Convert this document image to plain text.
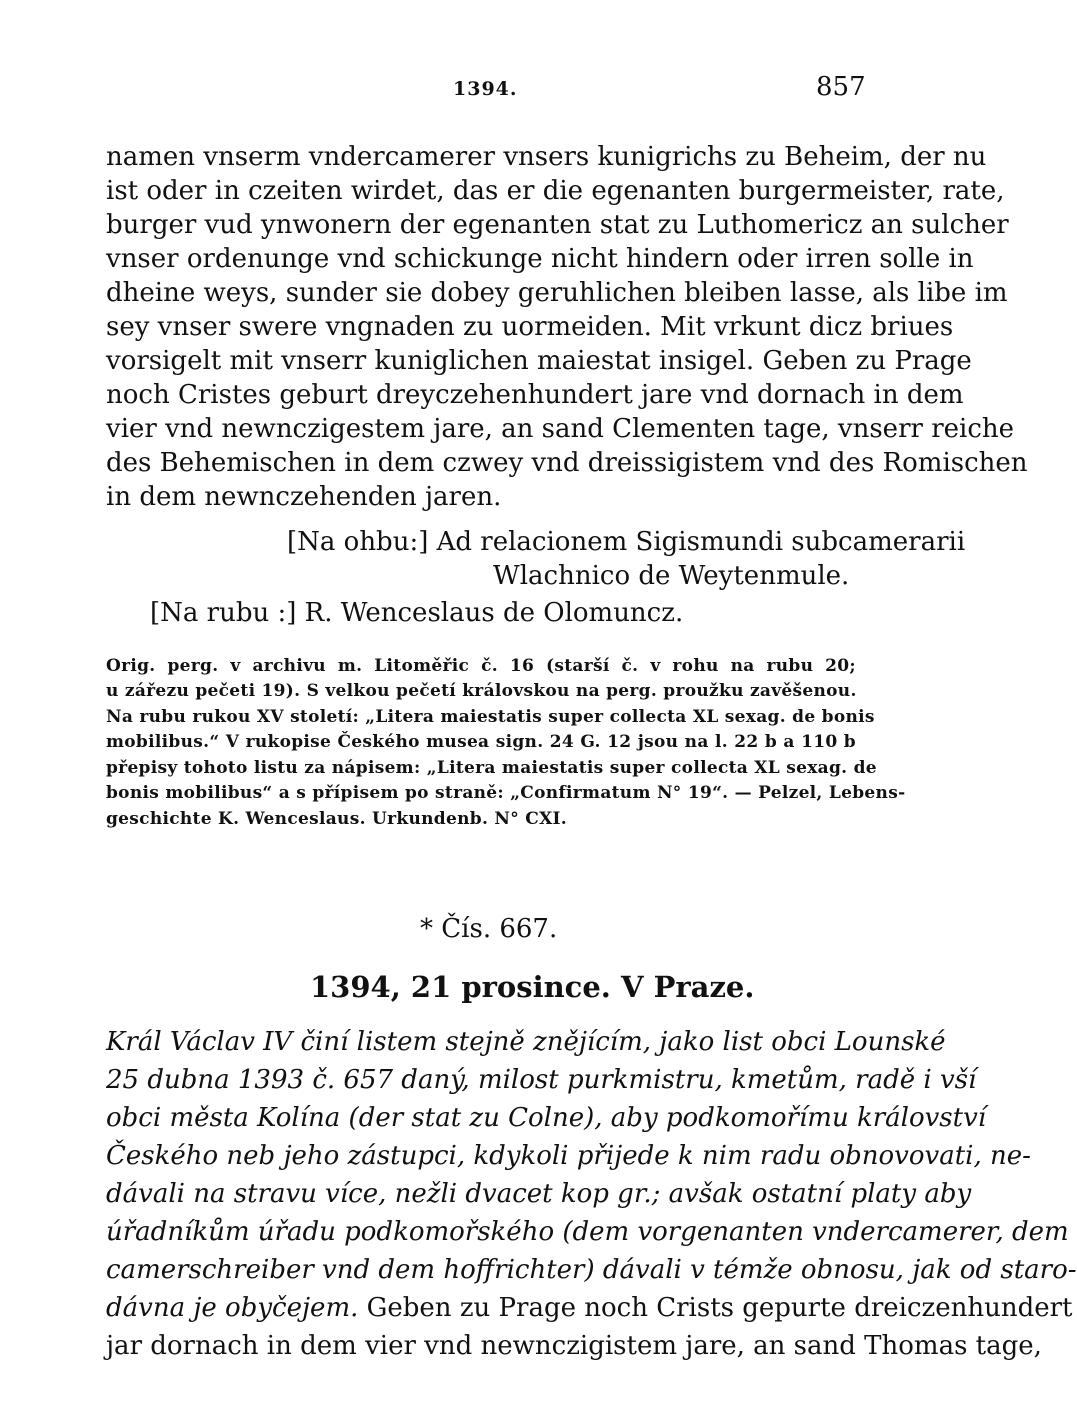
1394.	857
namen vnserm vndercamerer vnsers kunigrichs zu Beheim, der nu
ist oder in czeiten wirdet, das er die egenanten burgermeister, rate,
burger vud ynwonern der egenanten stat zu Luthomericz an sulcher
vnser ordenunge vnd schickunge nicht hindern oder irren solle in
dheine weys, sunder sie dobey geruhlichen bleiben lasse, als libe im
sey vnser swere vngnaden zu uormeiden. Mit vrkunt dicz briues
vorsigelt mit vnserr kuniglichen maiestat insigel. Geben zu Prage
noch Cristes geburt dreyczehenhundert jare vnd dornach in dem
vier vnd newnczigestem jare, an sand Clementen tage, vnserr reiche
des Behemischen in dem czwey vnd dreissigistem vnd des Romischen
in dem newnczehenden jaren.
[Na ohbu:] Ad relacionem Sigismundi subcamerarii
Wlachnico de Weytenmule.
[Na rubu :] R. Wenceslaus de Olomuncz.
Orig. perg. v archivu m. Litoměřic č. 16 (starší č. v rohu na rubu 20;
u zářezu pečeti 19). S velkou pečetí královskou na perg. proužku zavěšenou.
Na rubu rukou XV století: „Litera maiestatis super collecta XL sexag. de bonis
mobilibus.“ V rukopise Českého musea sign. 24 G. 12 jsou na l. 22 b a 110 b
přepisy tohoto listu za nápisem: „Litera maiestatis super collecta XL sexag. de
bonis mobilibus“ a s přípisem po straně: „Confirmatum N° 19“. — Pelzel, Lebens-
geschichte K. Wenceslaus. Urkundenb. N° CXI.
* Čís. 667.
1394, 21 prosince. V Praze.
Král Václav IV činí listem stejně znějícím, jako list obci Lounské
25 dubna 1393 č. 657 daný, milost purkmistru, kmetům, radě i vší
obci města Kolína (der stat zu Colne), aby podkomořímu království
Českého neb jeho zástupci, kdykoli přijede k nim radu obnovovati, ne-
dávali na stravu více, nežli dvacet kop gr.; avšak ostatní platy aby
úřadníkům úřadu podkomořského (dem vorgenanten vndercamerer, dem
camerschreiber vnd dem hoffrichter) dávali v témže obnosu, jak od staro-
dávna je obyčejem. Geben zu Prage noch Crists gepurte dreiczenhundert
jar dornach in dem vier vnd newnczigistem jare, an sand Thomas tage,
